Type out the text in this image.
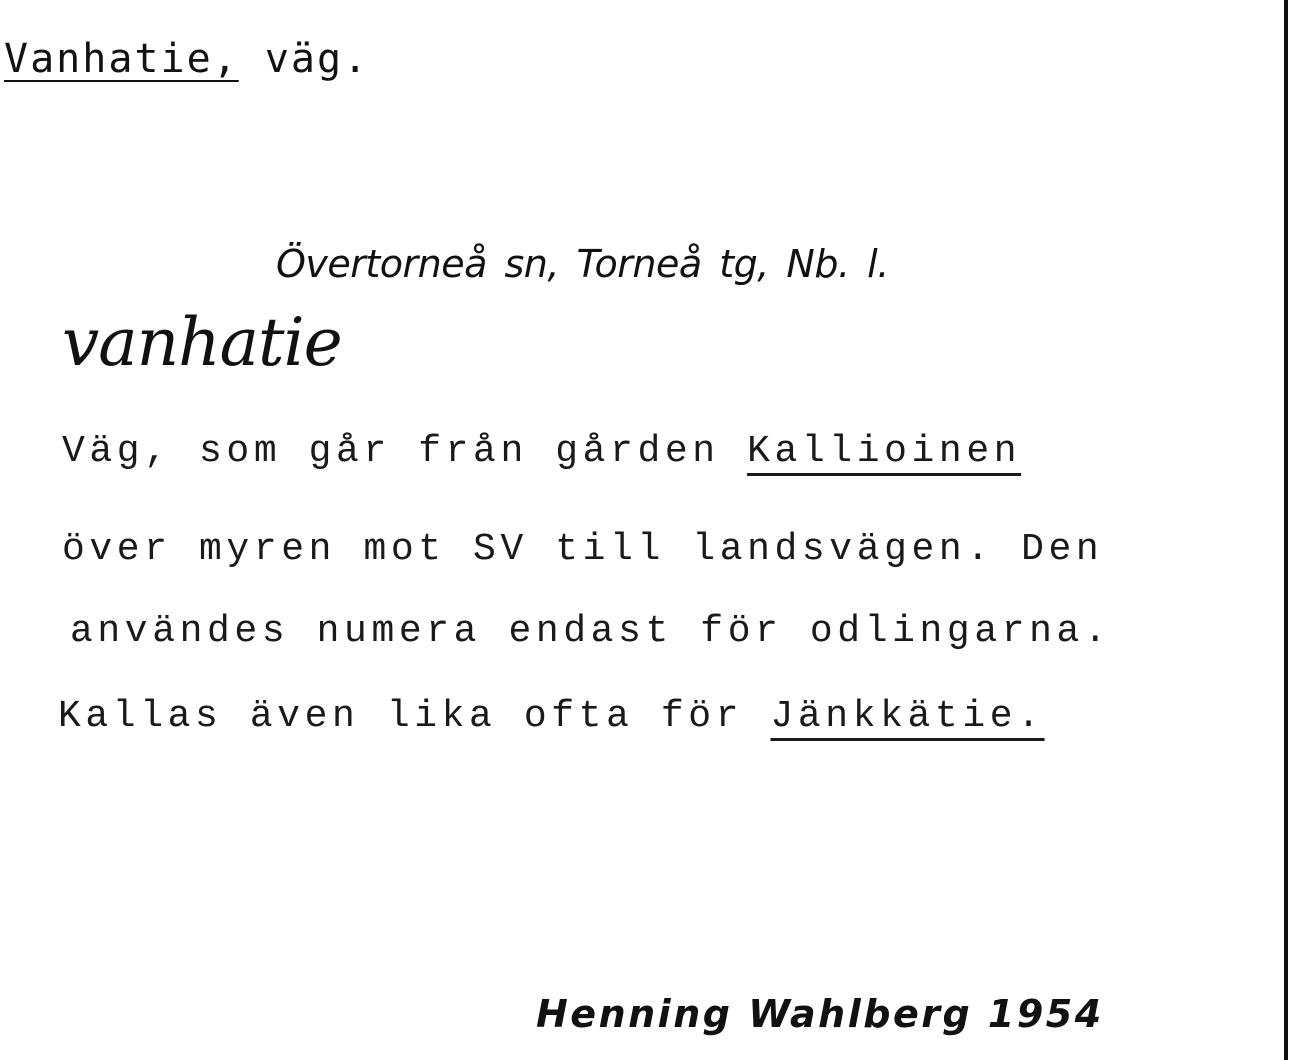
Vanhatie, väg.
Övertorneå sn, Torneå tg, Nb. l.
vanhatie
Väg, som går från gården Kallioinen
över myren mot SV till landsvägen. Den
användes numera endast för odlingarna.
Kallas även lika ofta för Jänkkätie.
Henning Wahlberg 1954
